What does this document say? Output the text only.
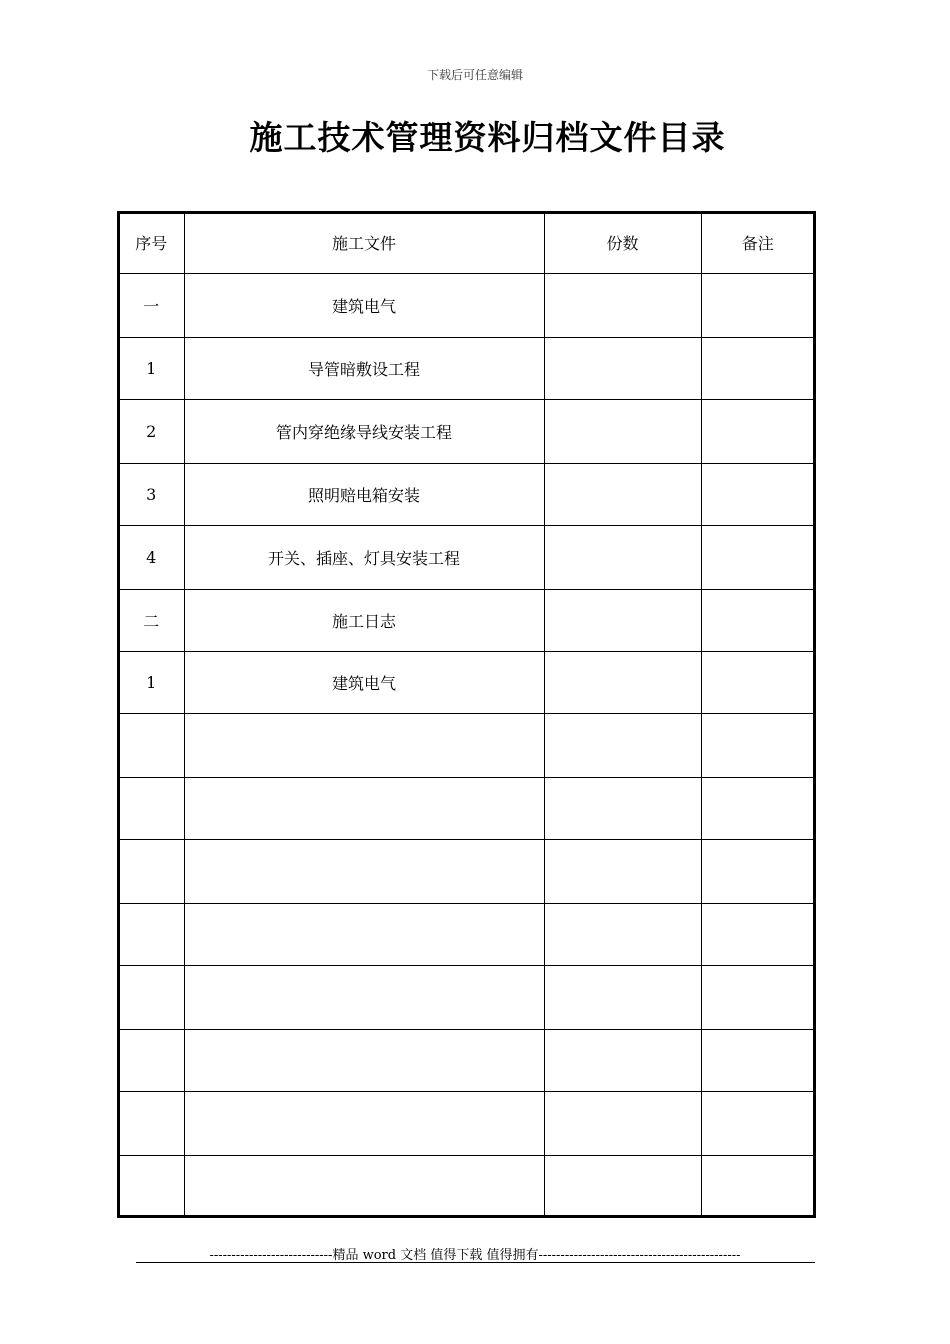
下载后可任意编辑
施工技术管理资料归档文件目录
序号	施工文件	份数	备注
一	建筑电气		
1	导管暗敷设工程		
2	管内穿绝缘导线安装工程		
3	照明赔电箱安装		
4	开关、插座、灯具安装工程		
二	施工日志		
1	建筑电气		

----------------------------精品 word 文档 值得下载 值得拥有----------------------------------------------
